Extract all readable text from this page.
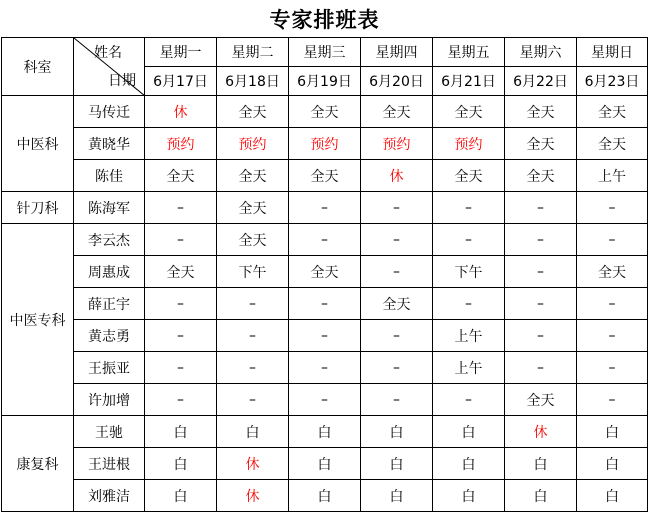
专家排班表
科室	姓名
日期	星期一	星期二	星期三	星期四	星期五	星期六	星期日
		6月17日	6月18日	6月19日	6月20日	6月21日	6月22日	6月23日
中医科	马传迁	休	全天	全天	全天	全天	全天	全天
	黄晓华	预约	预约	预约	预约	预约	全天	全天
	陈佳	全天	全天	全天	休	全天	全天	上午
针刀科	陈海军	–	全天	–	–	–	–	–
中医专科	李云杰	–	全天	–	–	–	–	–
	周惠成	全天	下午	全天	–	下午	–	全天
	薛正宇	–	–	–	全天	–	–	–
	黄志勇	–	–	–	–	上午	–	–
	王振亚	–	–	–	–	上午	–	–
	许加增	–	–	–	–	–	全天	–
康复科	王驰	白	白	白	白	白	休	白
	王进根	白	休	白	白	白	白	白
	刘雅洁	白	休	白	白	白	白	白
